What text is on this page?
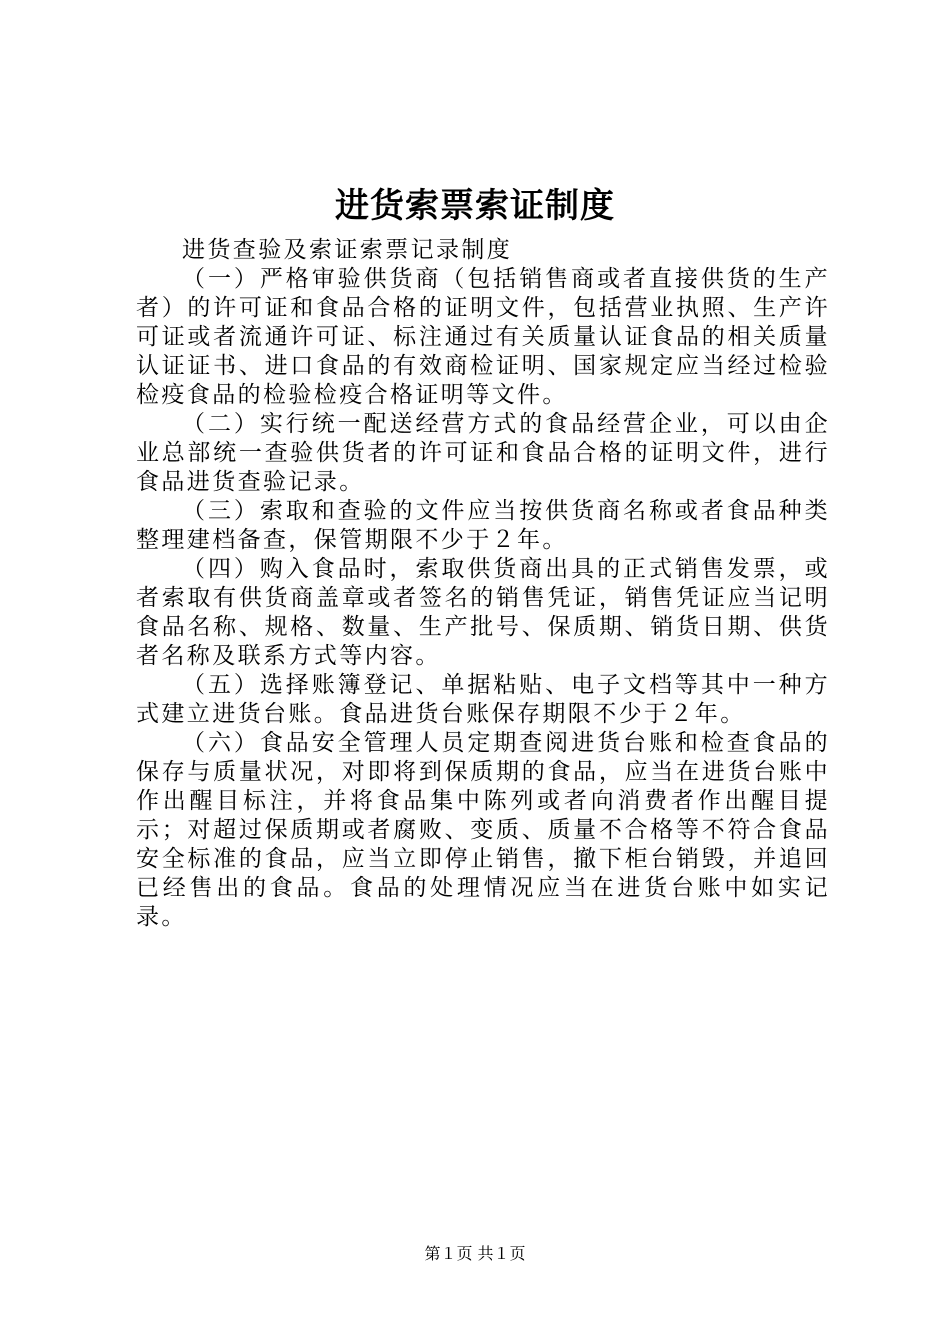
进货索票索证制度

进货查验及索证索票记录制度

（一）严格审验供货商（包括销售商或者直接供货的生产者）的许可证和食品合格的证明文件，包括营业执照、生产许可证或者流通许可证、标注通过有关质量认证食品的相关质量认证证书、进口食品的有效商检证明、国家规定应当经过检验检疫食品的检验检疫合格证明等文件。

（二）实行统一配送经营方式的食品经营企业，可以由企业总部统一查验供货者的许可证和食品合格的证明文件，进行食品进货查验记录。

（三）索取和查验的文件应当按供货商名称或者食品种类整理建档备查，保管期限不少于２年。

（四）购入食品时，索取供货商出具的正式销售发票，或者索取有供货商盖章或者签名的销售凭证，销售凭证应当记明食品名称、规格、数量、生产批号、保质期、销货日期、供货者名称及联系方式等内容。

（五）选择账簿登记、单据粘贴、电子文档等其中一种方式建立进货台账。食品进货台账保存期限不少于２年。

（六）食品安全管理人员定期查阅进货台账和检查食品的保存与质量状况，对即将到保质期的食品，应当在进货台账中作出醒目标注，并将食品集中陈列或者向消费者作出醒目提示；对超过保质期或者腐败、变质、质量不合格等不符合食品安全标准的食品，应当立即停止销售，撤下柜台销毁，并追回已经售出的食品。食品的处理情况应当在进货台账中如实记录。

第１页 共１页
